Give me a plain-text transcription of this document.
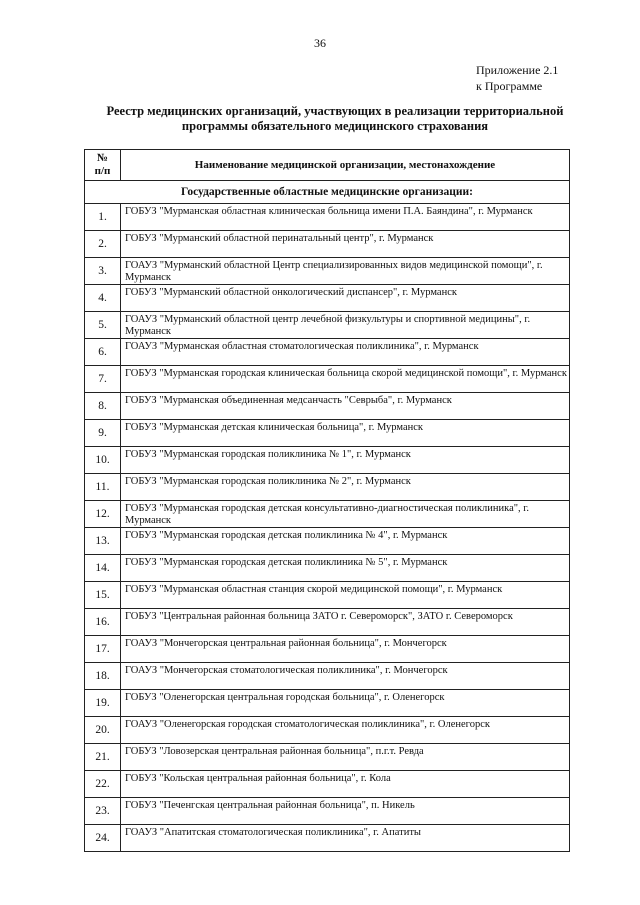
36
Приложение 2.1
к Программе
Реестр медицинских организаций, участвующих в реализации территориальной
программы обязательного медицинского страхования
№
п/п	Наименование медицинской организации, местонахождение
Государственные областные медицинские организации:	
1.	ГОБУЗ "Мурманская областная клиническая больница имени П.А. Баяндина", г. Мурманск
2.	ГОБУЗ "Мурманский областной перинатальный центр", г. Мурманск
3.	ГОАУЗ "Мурманский областной Центр специализированных видов медицинской помощи", г. Мурманск
4.	ГОБУЗ "Мурманский областной онкологический диспансер", г. Мурманск
5.	ГОАУЗ "Мурманский областной центр лечебной физкультуры и спортивной медицины", г. Мурманск
6.	ГОАУЗ "Мурманская областная стоматологическая поликлиника", г. Мурманск
7.	ГОБУЗ "Мурманская городская клиническая больница скорой медицинской помощи", г. Мурманск
8.	ГОБУЗ "Мурманская объединенная медсанчасть "Севрыба", г. Мурманск
9.	ГОБУЗ "Мурманская детская клиническая больница", г. Мурманск
10.	ГОБУЗ "Мурманская городская поликлиника № 1", г. Мурманск
11.	ГОБУЗ "Мурманская городская поликлиника № 2", г. Мурманск
12.	ГОБУЗ "Мурманская городская детская консультативно-диагностическая поликлиника", г. Мурманск
13.	ГОБУЗ "Мурманская городская детская поликлиника № 4", г. Мурманск
14.	ГОБУЗ "Мурманская городская детская поликлиника № 5", г. Мурманск
15.	ГОБУЗ "Мурманская областная станция скорой медицинской помощи", г. Мурманск
16.	ГОБУЗ "Центральная районная больница ЗАТО г. Североморск", ЗАТО г. Североморск
17.	ГОАУЗ "Мончегорская центральная районная больница", г. Мончегорск
18.	ГОАУЗ "Мончегорская стоматологическая поликлиника", г. Мончегорск
19.	ГОБУЗ "Оленегорская центральная городская больница", г. Оленегорск
20.	ГОАУЗ "Оленегорская городская стоматологическая поликлиника", г. Оленегорск
21.	ГОБУЗ "Ловозерская центральная районная больница", п.г.т. Ревда
22.	ГОБУЗ "Кольская центральная районная больница", г. Кола
23.	ГОБУЗ "Печенгская центральная районная больница", п. Никель
24.	ГОАУЗ "Апатитская стоматологическая поликлиника", г. Апатиты
